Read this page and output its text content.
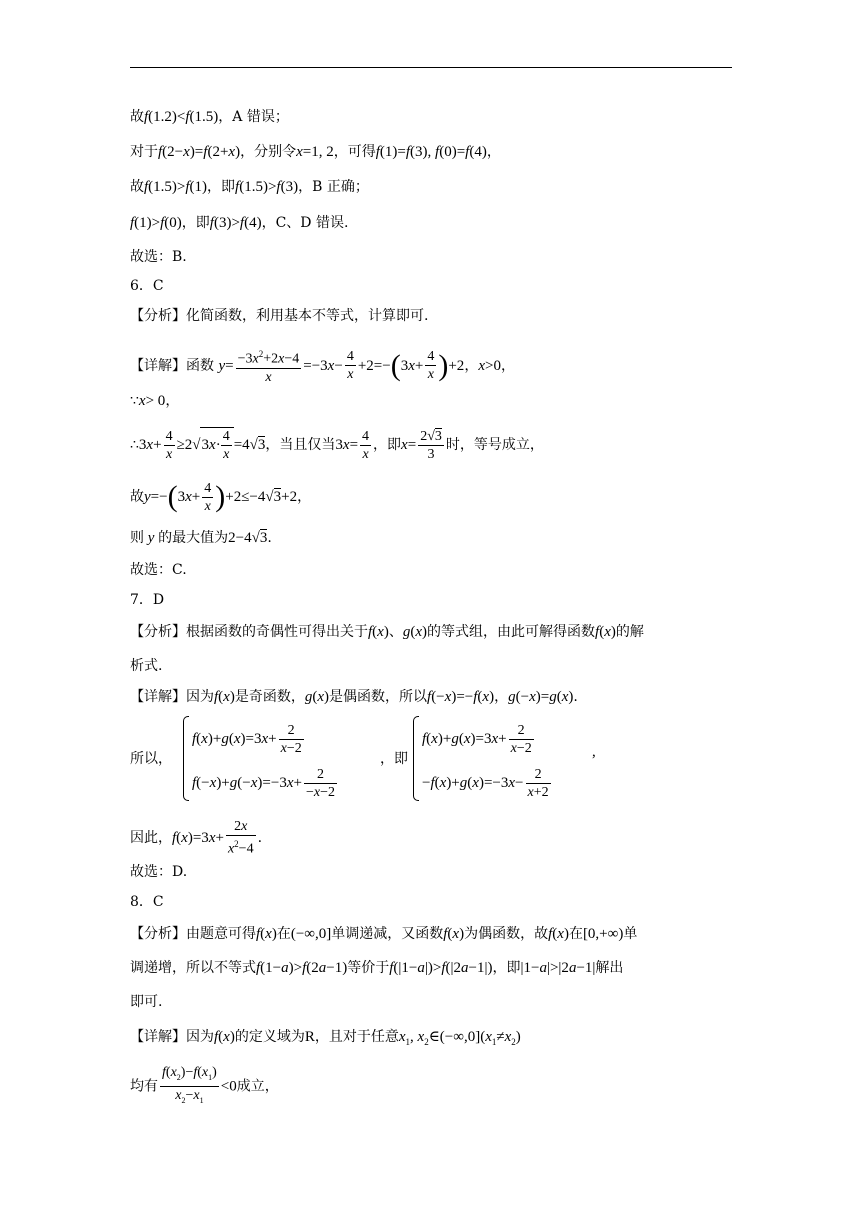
故f(1.2)<f(1.5)，A 错误；
对于f(2−x)=f(2+x)，分别令x=1, 2，可得f(1)=f(3), f(0)=f(4)，
故f(1.5)>f(1)，即f(1.5)>f(3)，B 正确；
f(1)>f(0)，即f(3)>f(4)，C、D 错误.
故选：B.
6．C
【分析】化简函数，利用基本不等式，计算即可.
【详解】函数 $y= \frac{-3x^2+2x-4}{x} =-3x- \frac{4}{x} +2=-(3x+ \frac{4}{x} )+2$，x>0，
∵x> 0，
∴3x+ $\frac{4}{x} \ge 2√3x\cdot \frac{4}{x} =4√3$，当且仅当$3x= \frac{4}{x}$ ，即$x= \frac{2√3}{3}$ 时，等号成立，
故$y=-(3x+ \frac{4}{x} )+2\le-4√3+2$，
则 y 的最大值为2−4√3.
故选：C.
7．D
【分析】根据函数的奇偶性可得出关于f(x)、g(x)的等式组，由此可解得函数f(x)的解
析式.
【详解】因为f(x)是奇函数，g(x)是偶函数，所以f(−x)=−f(x)，g(−x)=g(x).
所以，
$f(x)+g(x)=3x+ \frac{2}{x-2}$
$f(-x)+g(-x)=-3x+ \frac{2}{-x-2}$
，即
$f(x)+g(x)=3x+ \frac{2}{x-2}$
$-f(x)+g(x)=-3x- \frac{2}{x+2}$
,
因此，$f(x)=3x+ \frac{2x}{x^2-4}$ .
故选：D.
8．C
【分析】由题意可得f(x)在(−∞,0]单调递减，又函数f(x)为偶函数，故f(x)在[0,+∞)单
调递增，所以不等式f(1−a)>f(2a−1)等价于f(|1−a|)>f(|2a−1|)，即|1−a|>|2a−1|解出
即可.
【详解】因为f(x)的定义域为R，且对于任意$x_1$, $x_2\in(-\infty,0](x_1\ne x_2)$
均有 $\frac{f(x_2)-f(x_1)}{x_2-x_1} <0$成立，
